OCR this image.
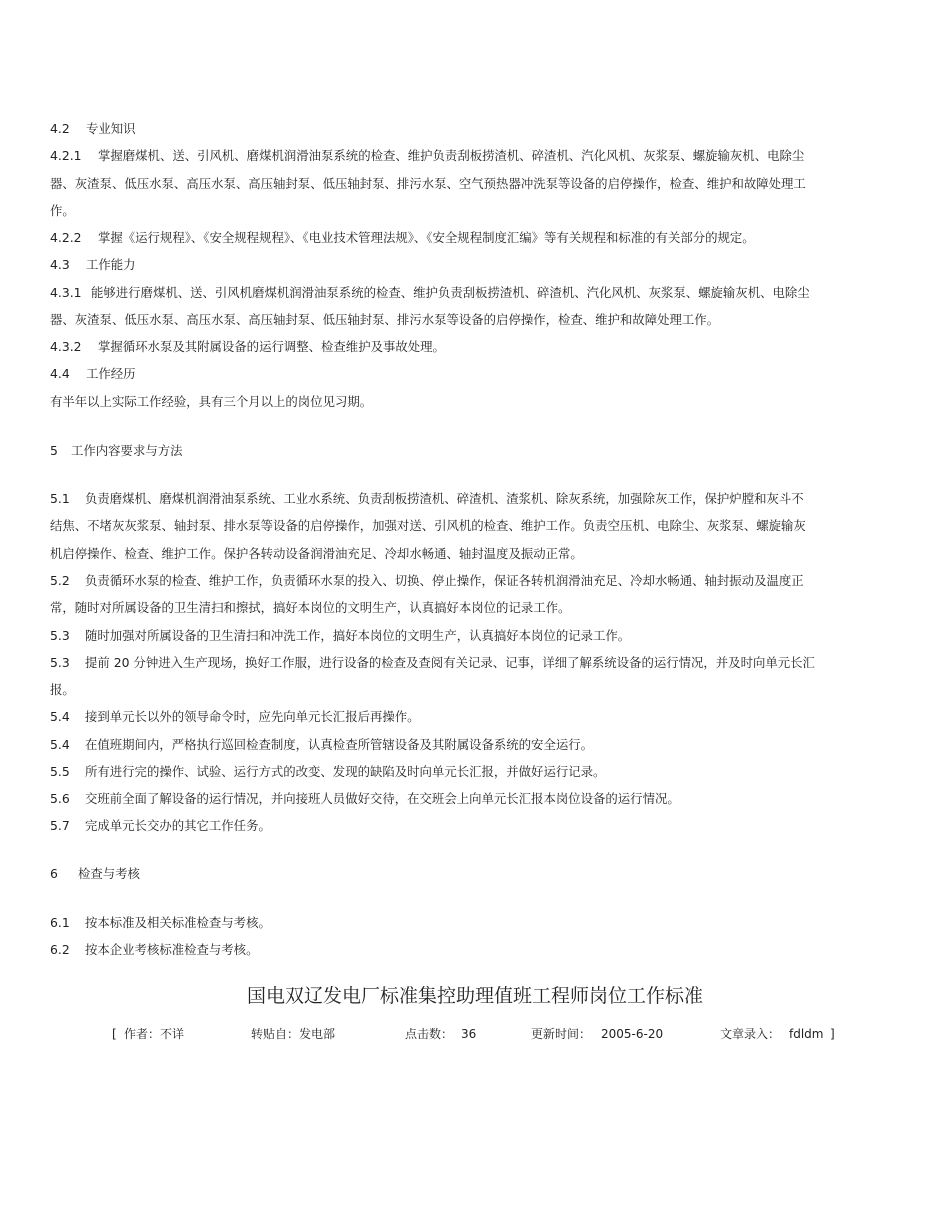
4.2 专业知识
4.2.1 掌握磨煤机、送、引风机、磨煤机润滑油泵系统的检查、维护负责刮板捞渣机、碎渣机、汽化风机、灰浆泵、螺旋输灰机、电除尘
器、灰渣泵、低压水泵、高压水泵、高压轴封泵、低压轴封泵、排污水泵、空气预热器冲洗泵等设备的启停操作，检查、维护和故障处理工
作。
4.2.2 掌握《运行规程》、《安全规程规程》、《电业技术管理法规》、《安全规程制度汇编》等有关规程和标准的有关部分的规定。
4.3 工作能力
4.3.1 能够进行磨煤机、送、引风机磨煤机润滑油泵系统的检查、维护负责刮板捞渣机、碎渣机、汽化风机、灰浆泵、螺旋输灰机、电除尘
器、灰渣泵、低压水泵、高压水泵、高压轴封泵、低压轴封泵、排污水泵等设备的启停操作，检查、维护和故障处理工作。
4.3.2 掌握循环水泵及其附属设备的运行调整、检查维护及事故处理。
4.4 工作经历
有半年以上实际工作经验，具有三个月以上的岗位见习期。
5 工作内容要求与方法
5.1 负责磨煤机、磨煤机润滑油泵系统、工业水系统、负责刮板捞渣机、碎渣机、渣浆机、除灰系统，加强除灰工作，保护炉膛和灰斗不
结焦、不堵灰灰浆泵、轴封泵、排水泵等设备的启停操作，加强对送、引风机的检查、维护工作。负责空压机、电除尘、灰浆泵、螺旋输灰
机启停操作、检查、维护工作。保护各转动设备润滑油充足、冷却水畅通、轴封温度及振动正常。
5.2 负责循环水泵的检查、维护工作，负责循环水泵的投入、切换、停止操作，保证各转机润滑油充足、冷却水畅通、轴封振动及温度正
常，随时对所属设备的卫生清扫和擦拭，搞好本岗位的文明生产，认真搞好本岗位的记录工作。
5.3 随时加强对所属设备的卫生清扫和冲洗工作，搞好本岗位的文明生产，认真搞好本岗位的记录工作。
5.3 提前 20 分钟进入生产现场，换好工作服，进行设备的检查及查阅有关记录、记事，详细了解系统设备的运行情况，并及时向单元长汇
报。
5.4 接到单元长以外的领导命令时，应先向单元长汇报后再操作。
5.4 在值班期间内，严格执行巡回检查制度，认真检查所管辖设备及其附属设备系统的安全运行。
5.5 所有进行完的操作、试验、运行方式的改变、发现的缺陷及时向单元长汇报，并做好运行记录。
5.6 交班前全面了解设备的运行情况，并向接班人员做好交待，在交班会上向单元长汇报本岗位设备的运行情况。
5.7 完成单元长交办的其它工作任务。
6 检查与考核
6.1 按本标准及相关标准检查与考核。
6.2 按本企业考核标准检查与考核。
国电双辽发电厂标准集控助理值班工程师岗位工作标准
[ 作者：不详	转贴自：发电部	点击数： 36	更新时间： 2005-6-20	文章录入： fdldm ]
